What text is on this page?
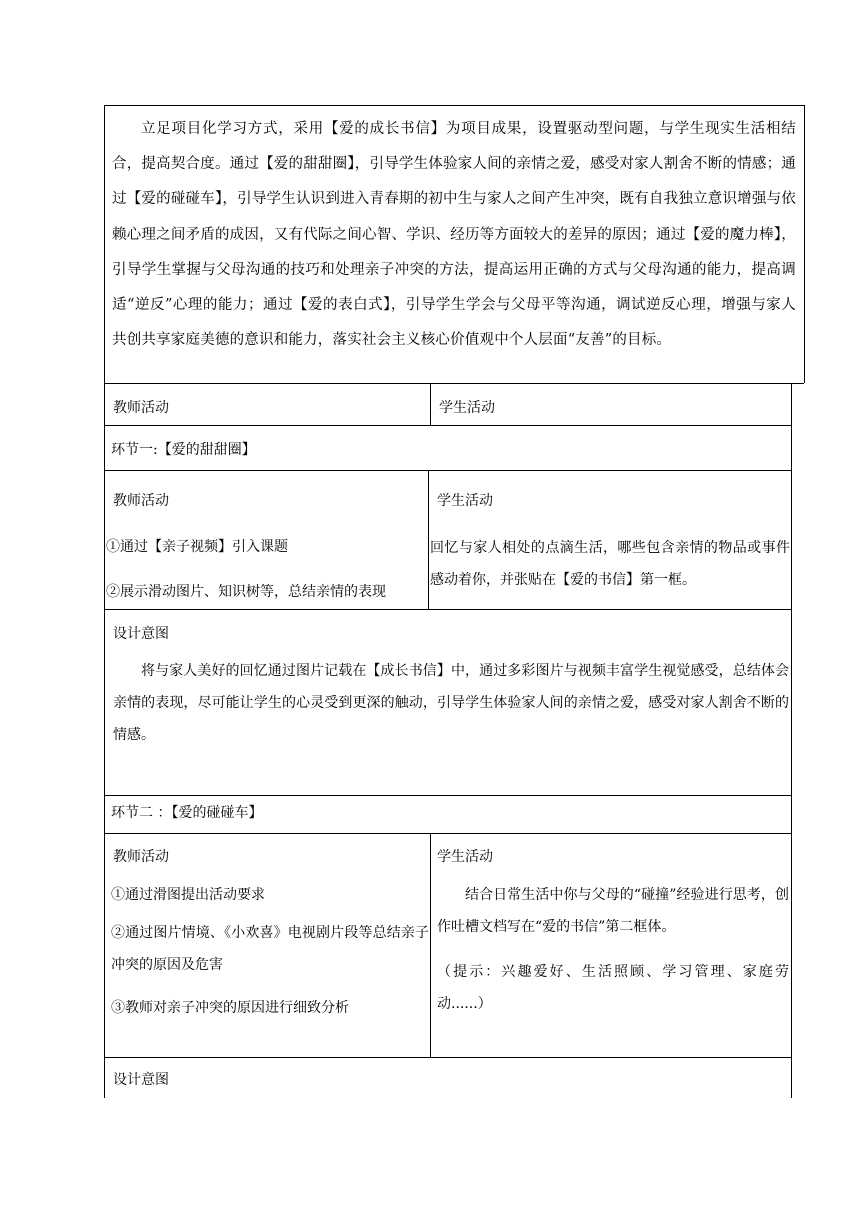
立足项目化学习方式，采用【爱的成长书信】为项目成果，设置驱动型问题，与学生现实生活相结合，提高契合度。通过【爱的甜甜圈】，引导学生体验家人间的亲情之爱，感受对家人割舍不断的情感；通过【爱的碰碰车】，引导学生认识到进入青春期的初中生与家人之间产生冲突，既有自我独立意识增强与依赖心理之间矛盾的成因，又有代际之间心智、学识、经历等方面较大的差异的原因；通过【爱的魔力棒】，引导学生掌握与父母沟通的技巧和处理亲子冲突的方法，提高运用正确的方式与父母沟通的能力，提高调适“逆反”心理的能力；通过【爱的表白式】，引导学生学会与父母平等沟通，调试逆反心理，增强与家人共创共享家庭美德的意识和能力，落实社会主义核心价值观中个人层面“友善”的目标。
教师活动	学生活动
环节一:【爱的甜甜圈】
教师活动
①通过【亲子视频】引入课题
②展示滑动图片、知识树等，总结亲情的表现
学生活动
回忆与家人相处的点滴生活，哪些包含亲情的物品或事件感动着你，并张贴在【爱的书信】第一框。
设计意图
将与家人美好的回忆通过图片记载在【成长书信】中，通过多彩图片与视频丰富学生视觉感受，总结体会亲情的表现，尽可能让学生的心灵受到更深的触动，引导学生体验家人间的亲情之爱，感受对家人割舍不断的情感。
环节二 ：【爱的碰碰车】
教师活动
①通过滑图提出活动要求
②通过图片情境、《小欢喜》电视剧片段等总结亲子冲突的原因及危害
③教师对亲子冲突的原因进行细致分析
学生活动
结合日常生活中你与父母的“碰撞”经验进行思考，创作吐槽文档写在“爱的书信”第二框体。
（提示：兴趣爱好、生活照顾、学习管理、家庭劳动......）
设计意图
